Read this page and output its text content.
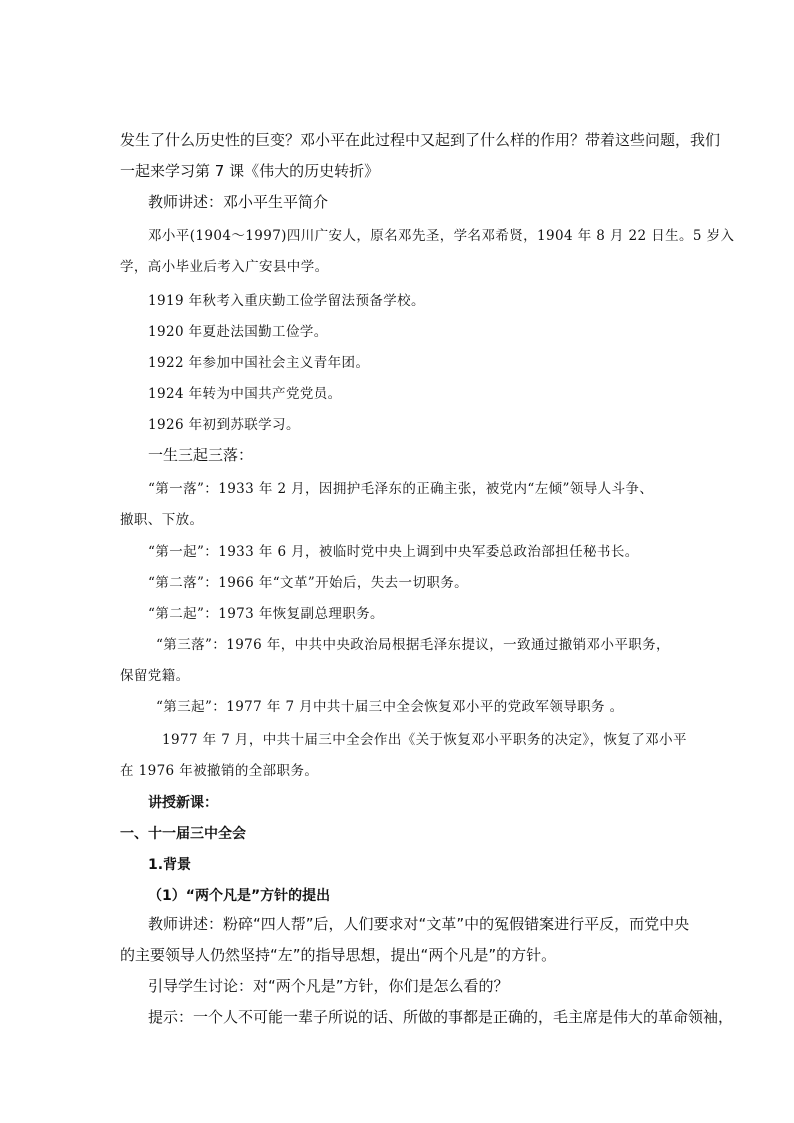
发生了什么历史性的巨变？邓小平在此过程中又起到了什么样的作用？带着这些问题，我们
一起来学习第 7 课《伟大的历史转折》
教师讲述：邓小平生平简介
邓小平(1904～1997)四川广安人，原名邓先圣，学名邓希贤，1904 年 8 月 22 日生。5 岁入
学，高小毕业后考入广安县中学。
1919 年秋考入重庆勤工俭学留法预备学校。
1920 年夏赴法国勤工俭学。
1922 年参加中国社会主义青年团。
1924 年转为中国共产党党员。
1926 年初到苏联学习。
一生三起三落：
“第一落”：1933 年 2 月，因拥护毛泽东的正确主张，被党内“左倾”领导人斗争、
撤职、下放。
“第一起”：1933 年 6 月，被临时党中央上调到中央军委总政治部担任秘书长。
“第二落”：1966 年“文革”开始后，失去一切职务。
“第二起”：1973 年恢复副总理职务。
“第三落”：1976 年，中共中央政治局根据毛泽东提议，一致通过撤销邓小平职务，
保留党籍。
“第三起”：1977 年 7 月中共十届三中全会恢复邓小平的党政军领导职务 。
1977 年 7 月，中共十届三中全会作出《关于恢复邓小平职务的决定》，恢复了邓小平
在 1976 年被撤销的全部职务。
讲授新课：
一、十一届三中全会
1.背景
（1）“两个凡是”方针的提出
教师讲述：粉碎“四人帮”后，人们要求对“文革”中的冤假错案进行平反，而党中央
的主要领导人仍然坚持“左”的指导思想，提出“两个凡是”的方针。
引导学生讨论：对“两个凡是”方针，你们是怎么看的？
提示：一个人不可能一辈子所说的话、所做的事都是正确的，毛主席是伟大的革命领袖，
